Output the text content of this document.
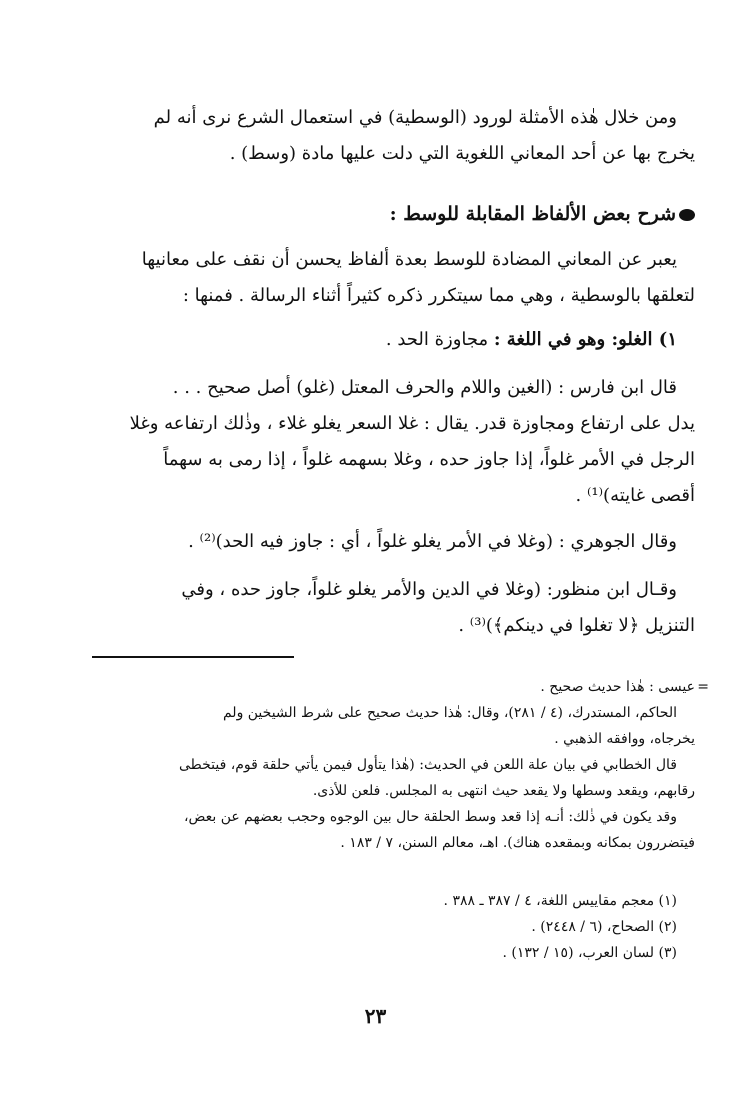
ومن خلال هٰذه الأمثلة لورود (الوسطية) في استعمال الشرع نرى أنه لم
يخرج بها عن أحد المعاني اللغوية التي دلت عليها مادة (وسط) .

شرح بعض الألفاظ المقابلة للوسط :

يعبر عن المعاني المضادة للوسط بعدة ألفاظ يحسن أن نقف على معانيها
لتعلقها بالوسطية ، وهي مما سيتكرر ذكره كثيراً أثناء الرسالة . فمنها :

١) الغلو: وهو في اللغة : مجاوزة الحد .

قال ابن فارس : (الغين واللام والحرف المعتل (غلو) أصل صحيح . . .
يدل على ارتفاع ومجاوزة قدر. يقال : غلا السعر يغلو غلاء ، وذٰلك ارتفاعه وغلا
الرجل في الأمر غلواً، إذا جاوز حده ، وغلا بسهمه غلواً ، إذا رمى به سهماً
أقصى غايته)⁽¹⁾ .

وقال الجوهري : (وغلا في الأمر يغلو غلواً ، أي : جاوز فيه الحد)⁽²⁾ .

وقـال ابن منظور: (وغلا في الدين والأمر يغلو غلواً، جاوز حده ، وفي
التنزيل ﴿لا تغلوا في دينكم﴾)⁽³⁾ .

=
عيسى : هٰذا حديث صحيح .
الحاكم، المستدرك، (٤ / ٢٨١)، وقال: هٰذا حديث صحيح على شرط الشيخين ولم
يخرجاه، ووافقه الذهبي .
قال الخطابي في بيان علة اللعن في الحديث: (هٰذا يتأول فيمن يأتي حلقة قوم، فيتخطى
رقابهم، ويقعد وسطها ولا يقعد حيث انتهى به المجلس. فلعن للأذى.
وقد يكون في ذٰلك: أنـه إذا قعد وسط الحلقة حال بين الوجوه وحجب بعضهم عن بعض،
فيتضررون بمكانه وبمقعده هناك). اهـ، معالم السنن، ٧ / ١٨٣ .
(١) معجم مقاييس اللغة، ٤ / ٣٨٧ ـ ٣٨٨ .
(٢) الصحاح، (٦ / ٢٤٤٨) .
(٣) لسان العرب، (١٥ / ١٣٢) .
٢٣
